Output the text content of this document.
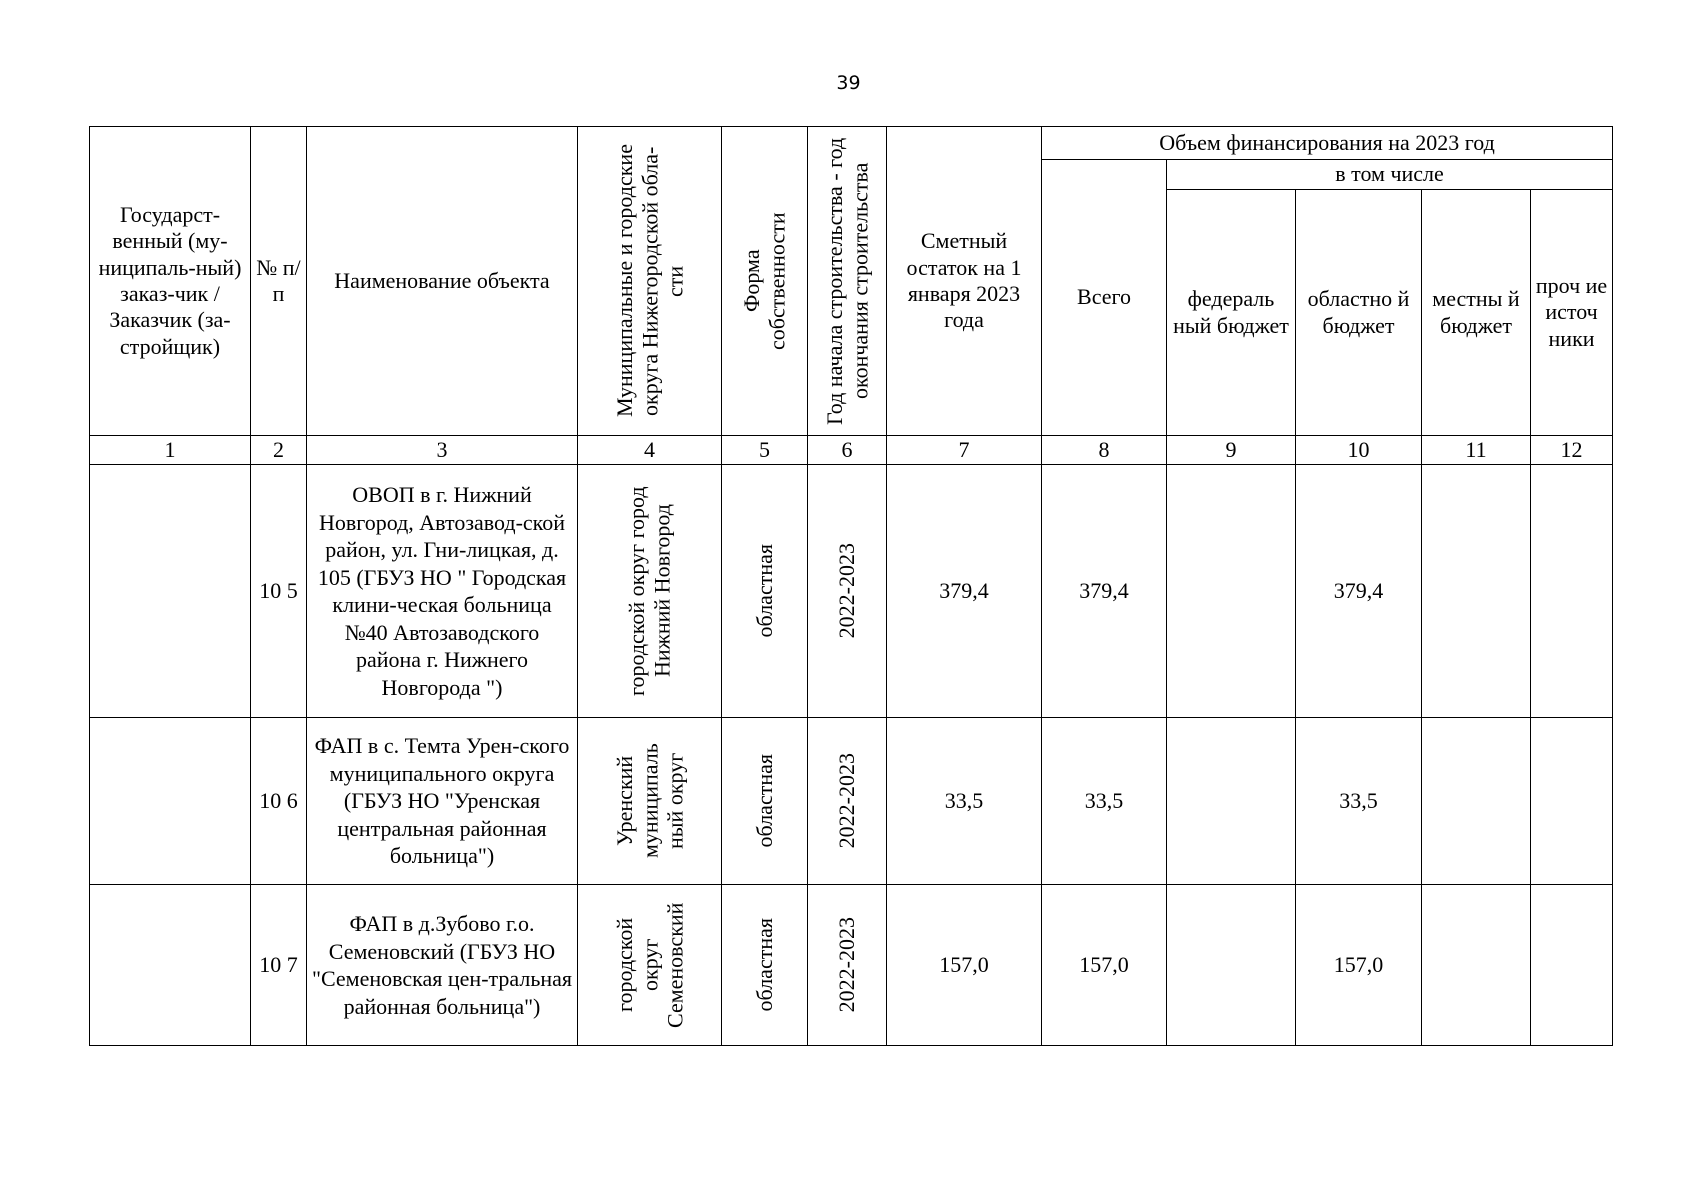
39
Государст-венный (му-ниципаль-ный) заказ-чик / Заказчик (за-стройщик)	№ п/п	Наименование объекта	Муниципальные и городские округа Нижегородской обла-сти	Форма собственности	Год начала строительства - год окончания строительства	Сметный остаток на 1 января 2023 года	Объем финансирования на 2023 год				
							Всего	в том числе			
								федераль ный бюджет	областно й бюджет	местны й бюджет	проч ие источ ники
1	2	3	4	5	6	7	8	9	10	11	12
	10 5	ОВОП в г. Нижний Новгород, Автозавод-ской район, ул. Гни-лицкая, д. 105 (ГБУЗ НО " Городская клини-ческая больница №40 Автозаводского района г. Нижнего Новгорода ")	городской округ город Нижний Новгород	областная	2022-2023	379,4	379,4		379,4		
	10 6	ФАП в с. Темта Урен-ского муниципального округа (ГБУЗ НО "Уренская центральная районная больница")	Уренский муниципаль ный округ	областная	2022-2023	33,5	33,5		33,5		
	10 7	ФАП в д.Зубово г.о. Семеновский (ГБУЗ НО "Семеновская цен-тральная районная больница")	городской округ Семеновский	областная	2022-2023	157,0	157,0		157,0		
